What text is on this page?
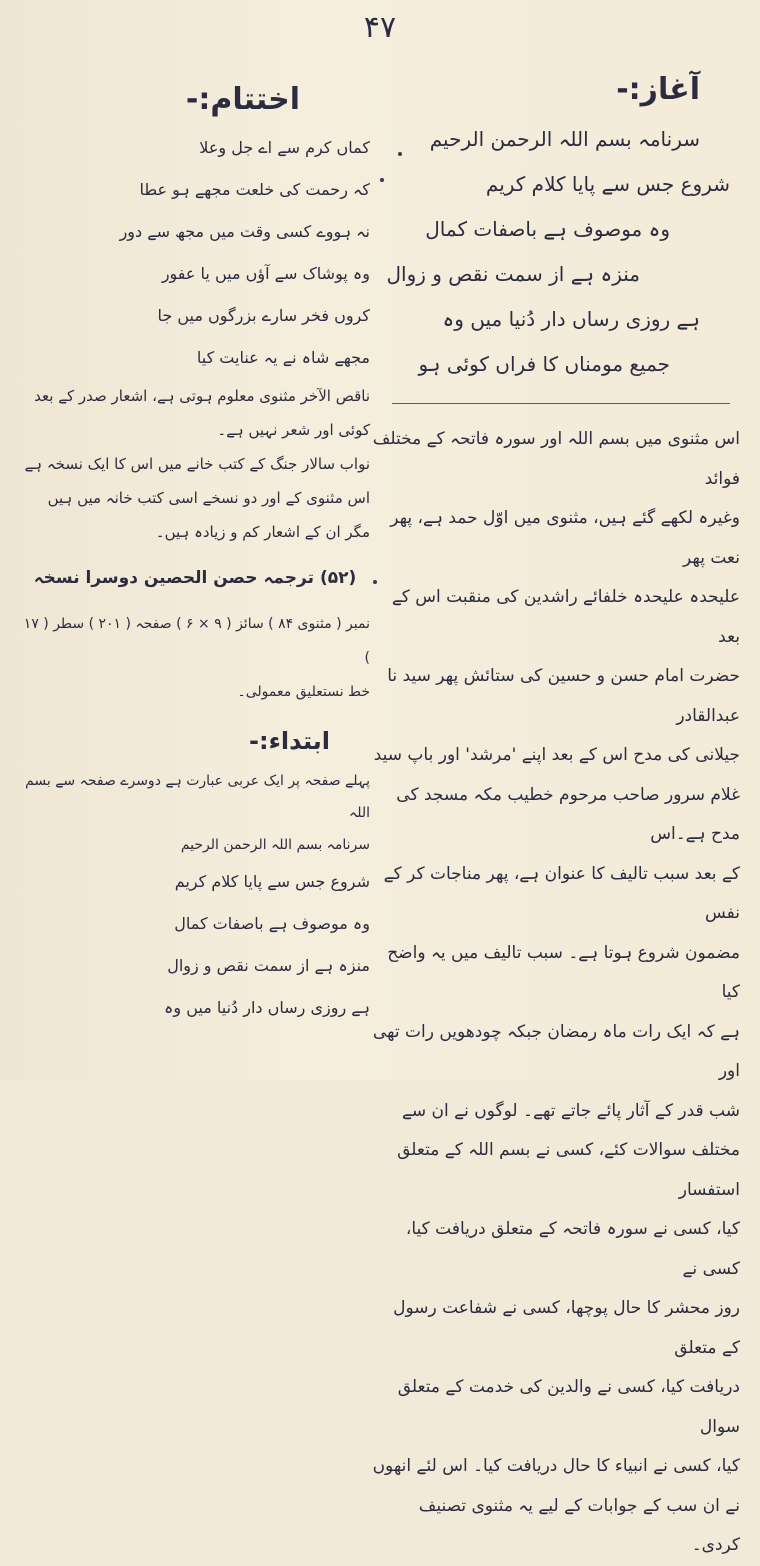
۴۷
آغاز:-

سرنامہ بسم اللہ الرحمن الرحیم

شروع جس سے پایا کلام کریم

وہ موصوف ہے باصفات کمال

منزہ ہے از سمت نقص و زوال

ہے روزی رساں دار دُنیا میں وہ

جمیع مومناں کا فراں کوئی ہو

اس مثنوی میں بسم اللہ اور سورہ فاتحہ کے مختلف فوائد

وغیرہ لکھے گئے ہیں، مثنوی میں اوّل حمد ہے، پھر نعت پھر

علیحدہ علیحدہ خلفائے راشدین کی منقبت اس کے بعد

حضرت امام حسن و حسین کی ستائش پھر سید نا عبدالقادر

جیلانی کی مدح اس کے بعد اپنے 'مرشد' اور باپ سید

غلام سرور صاحب مرحوم خطیب مکہ مسجد کی مدح ہے۔اس

کے بعد سبب تالیف کا عنوان ہے، پھر مناجات کر کے نفس

مضمون شروع ہوتا ہے۔ سبب تالیف میں یہ واضح کیا

ہے کہ ایک رات ماہ رمضان جبکہ چودھویں رات تھی اور

شب قدر کے آثار پائے جاتے تھے۔ لوگوں نے ان سے

مختلف سوالات کئے، کسی نے بسم اللہ کے متعلق استفسار

کیا، کسی نے سورہ فاتحہ کے متعلق دریافت کیا، کسی نے

روز محشر کا حال پوچھا، کسی نے شفاعت رسول کے متعلق

دریافت کیا، کسی نے والدین کی خدمت کے متعلق سوال

کیا، کسی نے انبیاء کا حال دریافت کیا۔ اس لئے انھوں

نے ان سب کے جوابات کے لیے یہ مثنوی تصنیف کردی۔

اختتام:-

کماں کرم سے اے جل وعلا

کہ رحمت کی خلعت مجھے ہو عطا

نہ ہووے کسی وقت میں مجھ سے دور

وہ پوشاک سے آؤں میں یا عفور

کروں فخر سارے بزرگوں میں جا

مجھے شاہ نے یہ عنایت کیا

ناقص الآخر مثنوی معلوم ہوتی ہے، اشعار صدر کے بعد

کوئی اور شعر نہیں ہے۔

نواب سالار جنگ کے کتب خانے میں اس کا ایک نسخہ ہے

اس مثنوی کے اور دو نسخے اسی کتب خانہ میں ہیں

مگر ان کے اشعار کم و زیادہ ہیں۔

(۵۲) ترجمہ حصن الحصین دوسرا نسخہ

نمبر ( مثنوی ۸۴ ) سائز ( ۹ × ۶ ) صفحہ ( ۲۰۱ ) سطر ( ۱۷ )

خط نستعلیق معمولی۔

ابتداء:-

پہلے صفحہ پر ایک عربی عبارت ہے دوسرے صفحہ سے بسم اللہ

سرنامہ بسم اللہ الرحمن الرحیم

شروع جس سے پایا کلام کریم

وہ موصوف ہے باصفات کمال

منزہ ہے از سمت نقص و زوال

ہے روزی رساں دار دُنیا میں وہ
